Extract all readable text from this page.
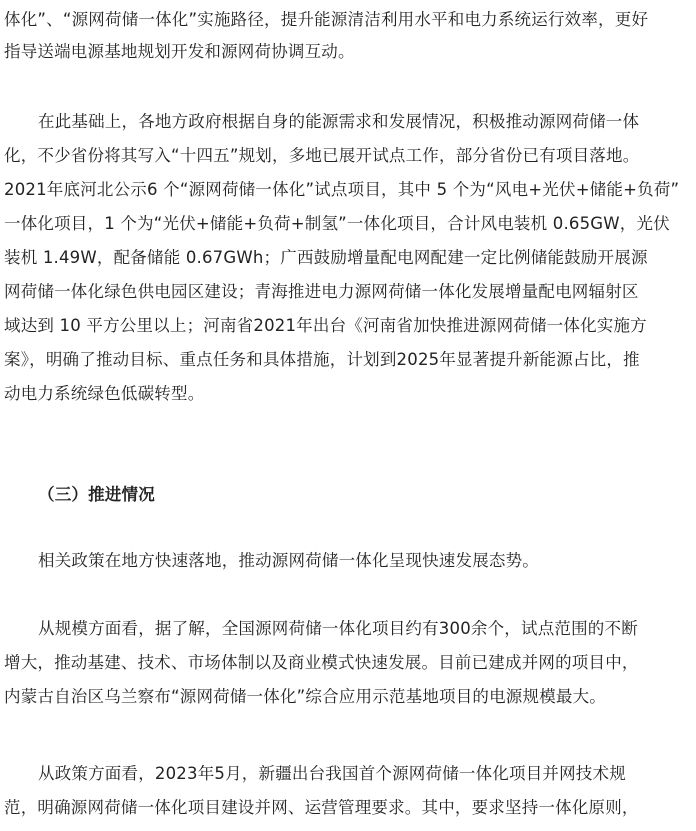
体化”、“源网荷储一体化”实施路径，提升能源清洁利用水平和电力系统运行效率，更好
指导送端电源基地规划开发和源网荷协调互动。
在此基础上，各地方政府根据自身的能源需求和发展情况，积极推动源网荷储一体
化，不少省份将其写入“十四五”规划，多地已展开试点工作，部分省份已有项目落地。
2021年底河北公示6 个“源网荷储一体化”试点项目，其中 5 个为“风电+光伏+储能+负荷”
一体化项目，1 个为“光伏+储能+负荷+制氢”一体化项目，合计风电装机 0.65GW，光伏
装机 1.49W，配备储能 0.67GWh；广西鼓励增量配电网配建一定比例储能鼓励开展源
网荷储一体化绿色供电园区建设；青海推进电力源网荷储一体化发展增量配电网辐射区
域达到 10 平方公里以上；河南省2021年出台《河南省加快推进源网荷储一体化实施方
案》，明确了推动目标、重点任务和具体措施，计划到2025年显著提升新能源占比，推
动电力系统绿色低碳转型。
（三）推进情况
相关政策在地方快速落地，推动源网荷储一体化呈现快速发展态势。
从规模方面看，据了解，全国源网荷储一体化项目约有300余个，试点范围的不断
增大，推动基建、技术、市场体制以及商业模式快速发展。目前已建成并网的项目中，
内蒙古自治区乌兰察布“源网荷储一体化”综合应用示范基地项目的电源规模最大。
从政策方面看，2023年5月，新疆出台我国首个源网荷储一体化项目并网技术规
范，明确源网荷储一体化项目建设并网、运营管理要求。其中，要求坚持一体化原则，
